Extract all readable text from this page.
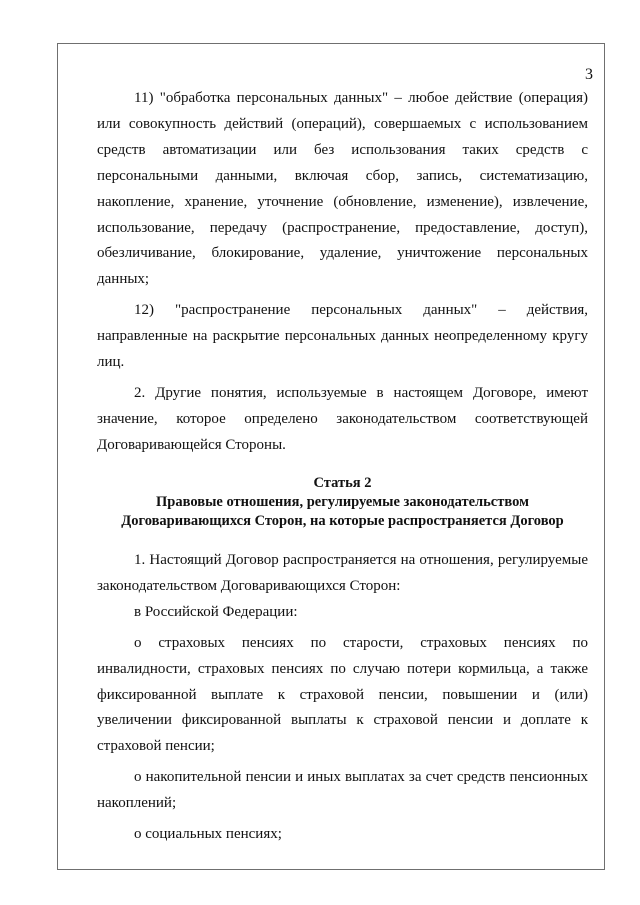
3

11) "обработка персональных данных" – любое действие (операция) или совокупность действий (операций), совершаемых с использованием средств автоматизации или без использования таких средств с персональными данными, включая сбор, запись, систематизацию, накопление, хранение, уточнение (обновление, изменение), извлечение, использование, передачу (распространение, предоставление, доступ), обезличивание, блокирование, удаление, уничтожение персональных данных;

12) "распространение персональных данных" – действия, направленные на раскрытие персональных данных неопределенному кругу лиц.

2. Другие понятия, используемые в настоящем Договоре, имеют значение, которое определено законодательством соответствующей Договаривающейся Стороны.

Статья 2

Правовые отношения, регулируемые законодательством

Договаривающихся Сторон, на которые распространяется Договор

1. Настоящий Договор распространяется на отношения, регулируемые законодательством Договаривающихся Сторон:

в Российской Федерации:

о страховых пенсиях по старости, страховых пенсиях по инвалидности, страховых пенсиях по случаю потери кормильца, а также фиксированной выплате к страховой пенсии, повышении и (или) увеличении фиксированной выплаты к страховой пенсии и доплате к страховой пенсии;

о накопительной пенсии и иных выплатах за счет средств пенсионных накоплений;

о социальных пенсиях;
